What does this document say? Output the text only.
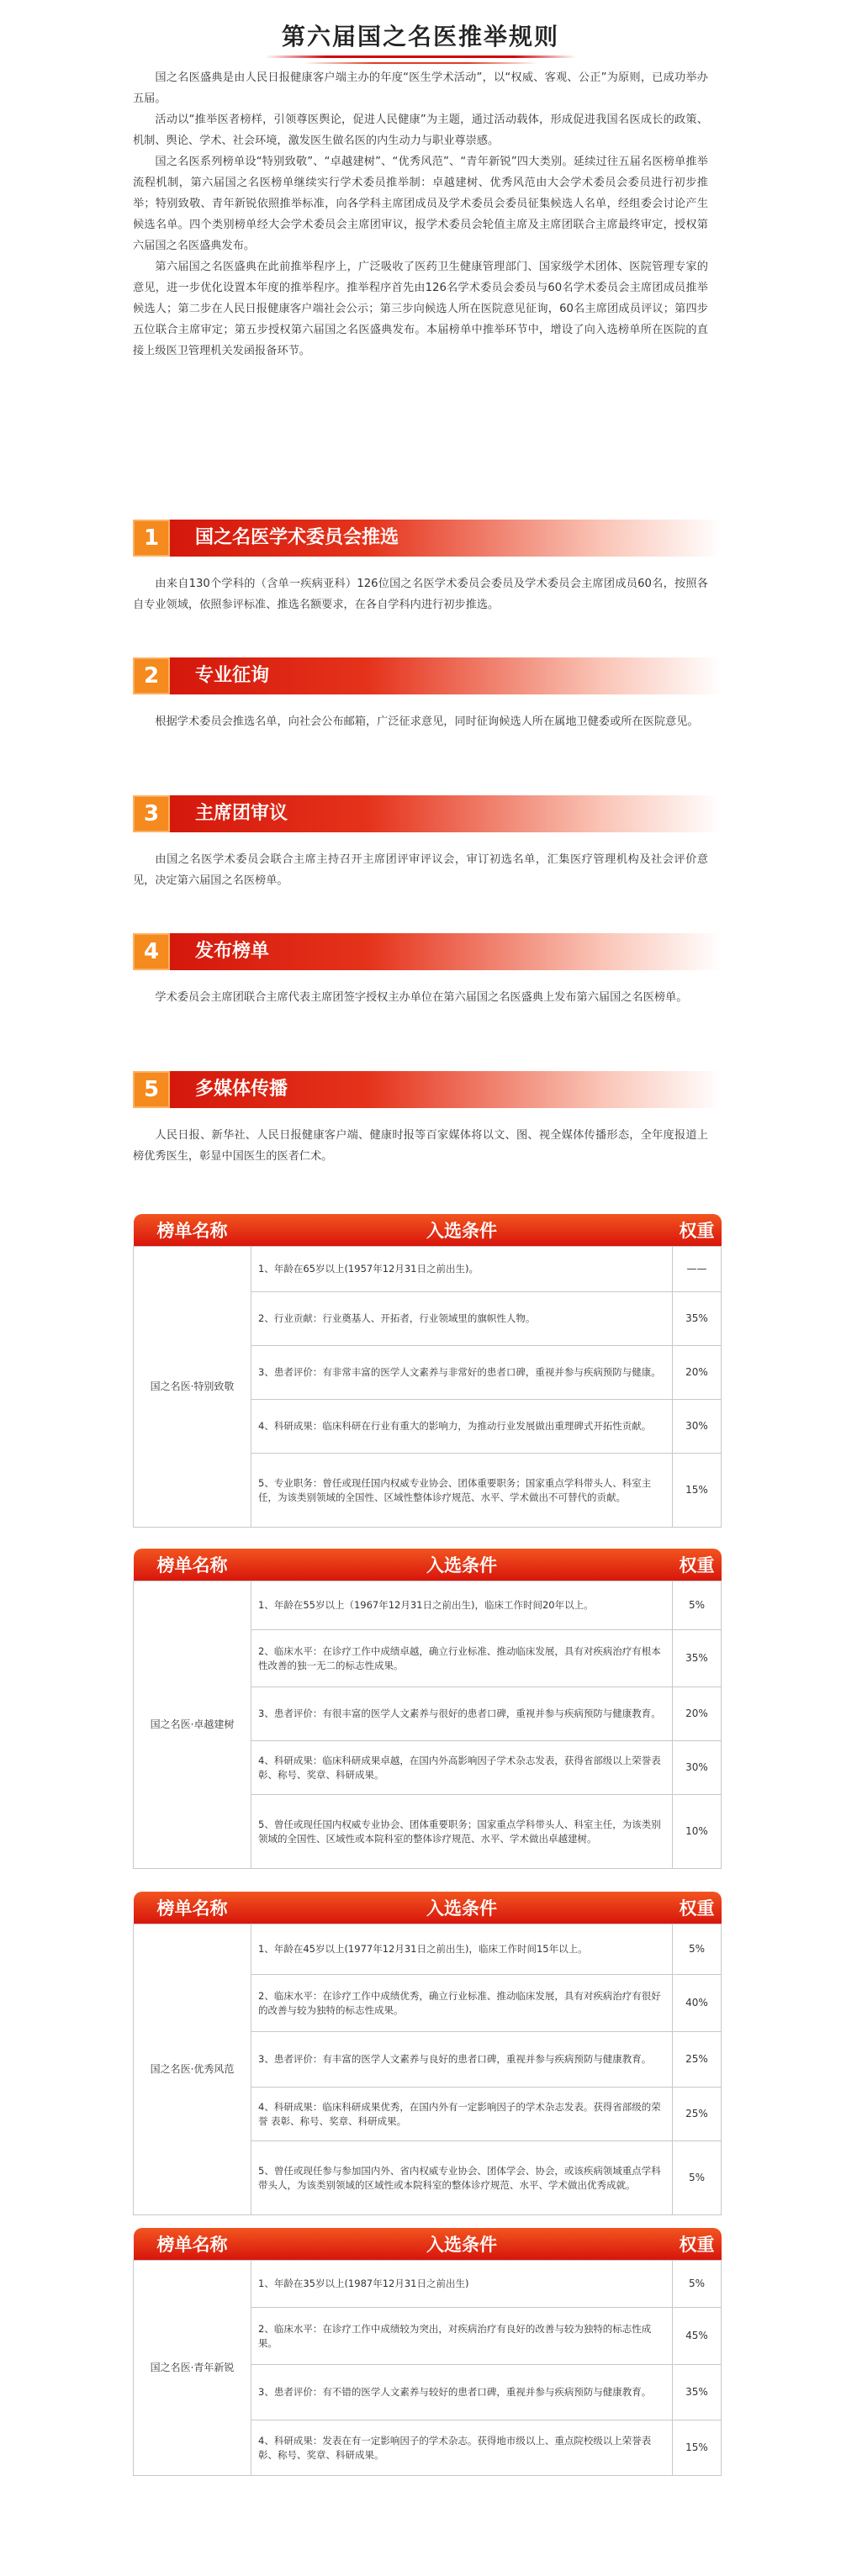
第六届国之名医推举规则

国之名医盛典是由人民日报健康客户端主办的年度“医生学术活动”，以“权威、客观、公正”为原则，已成功举办五届。

活动以“推举医者榜样，引领尊医舆论，促进人民健康”为主题，通过活动载体，形成促进我国名医成长的政策、机制、舆论、学术、社会环境，激发医生做名医的内生动力与职业尊崇感。

国之名医系列榜单设“特别致敬”、“卓越建树”、“优秀风范”、“青年新锐”四大类别。延续过往五届名医榜单推举流程机制，第六届国之名医榜单继续实行学术委员推举制：卓越建树、优秀风范由大会学术委员会委员进行初步推举；特别致敬、青年新锐依照推举标准，向各学科主席团成员及学术委员会委员征集候选人名单，经组委会讨论产生候选名单。四个类别榜单经大会学术委员会主席团审议，报学术委员会轮值主席及主席团联合主席最终审定，授权第六届国之名医盛典发布。

第六届国之名医盛典在此前推举程序上，广泛吸收了医药卫生健康管理部门、国家级学术团体、医院管理专家的意见，进一步优化设置本年度的推举程序。推举程序首先由126名学术委员会委员与60名学术委员会主席团成员推举候选人；第二步在人民日报健康客户端社会公示；第三步向候选人所在医院意见征询，60名主席团成员评议；第四步五位联合主席审定；第五步授权第六届国之名医盛典发布。本届榜单中推举环节中，增设了向入选榜单所在医院的直接上级医卫管理机关发函报备环节。

1	国之名医学术委员会推选

由来自130个学科的（含单一疾病亚科）126位国之名医学术委员会委员及学术委员会主席团成员60名，按照各自专业领域，依照参评标准、推选名额要求，在各自学科内进行初步推选。

2	专业征询

根据学术委员会推选名单，向社会公布邮箱，广泛征求意见，同时征询候选人所在属地卫健委或所在医院意见。

3	主席团审议

由国之名医学术委员会联合主席主持召开主席团评审评议会，审订初选名单，汇集医疗管理机构及社会评价意见，决定第六届国之名医榜单。

4	发布榜单

学术委员会主席团联合主席代表主席团签字授权主办单位在第六届国之名医盛典上发布第六届国之名医榜单。

5	多媒体传播

人民日报、新华社、人民日报健康客户端、健康时报等百家媒体将以文、图、视全媒体传播形态，全年度报道上榜优秀医生，彰显中国医生的医者仁术。

榜单名称	入选条件	权重
国之名医·特别致敬	1、年龄在65岁以上(1957年12月31日之前出生)。	——
	2、行业贡献：行业奠基人、开拓者，行业领域里的旗帜性人物。	35%
	3、患者评价：有非常丰富的医学人文素养与非常好的患者口碑，重视并参与疾病预防与健康。	20%
	4、科研成果：临床科研在行业有重大的影响力，为推动行业发展做出重理碑式开拓性贡献。	30%
	5、专业职务：曾任或现任国内权威专业协会、团体重要职务；国家重点学科带头人、科室主任，为该类别领域的全国性、区域性整体诊疗规范、水平、学术做出不可替代的贡献。	15%
榜单名称	入选条件	权重
国之名医·卓越建树	1、年龄在55岁以上（1967年12月31日之前出生)，临床工作时间20年以上。	5%
	2、临床水平：在诊疗工作中成绩卓越，确立行业标准、推动临床发展，具有对疾病治疗有根本性改善的独一无二的标志性成果。	35%
	3、患者评价：有很丰富的医学人文素养与很好的患者口碑，重视并参与疾病预防与健康教育。	20%
	4、科研成果：临床科研成果卓越，在国内外高影响因子学术杂志发表，获得省部级以上荣誉表彰、称号、奖章、科研成果。	30%
	5、曾任或现任国内权威专业协会、团体重要职务；国家重点学科带头人、科室主任，为该类别领域的全国性、区域性或本院科室的整体诊疗规范、水平、学术做出卓越建树。	10%
榜单名称	入选条件	权重
国之名医·优秀风范	1、年龄在45岁以上(1977年12月31日之前出生)，临床工作时间15年以上。	5%
	2、临床水平：在诊疗工作中成绩优秀，确立行业标准、推动临床发展，具有对疾病治疗有很好的改善与较为独特的标志性成果。	40%
	3、患者评价：有丰富的医学人文素养与良好的患者口碑，重视并参与疾病预防与健康教育。	25%
	4、科研成果：临床科研成果优秀，在国内外有一定影响因子的学术杂志发表。获得省部级的荣誉 表彰、称号、奖章、科研成果。	25%
	5、曾任或现任参与参加国内外、省内权威专业协会、团体学会、协会，或该疾病领域重点学科带头人，为该类别领域的区域性或本院科室的整体诊疗规范、水平、学术做出优秀成就。	5%
榜单名称	入选条件	权重
国之名医·青年新锐	1、年龄在35岁以上(1987年12月31日之前出生)	5%
	2、临床水平：在诊疗工作中成绩较为突出，对疾病治疗有良好的改善与较为独特的标志性成果。	45%
	3、患者评价：有不错的医学人文素养与较好的患者口碑，重视并参与疾病预防与健康教育。	35%
	4、科研成果：发表在有一定影响因子的学术杂志。获得地市级以上、重点院校级以上荣誉表彰、称号、奖章、科研成果。	15%
